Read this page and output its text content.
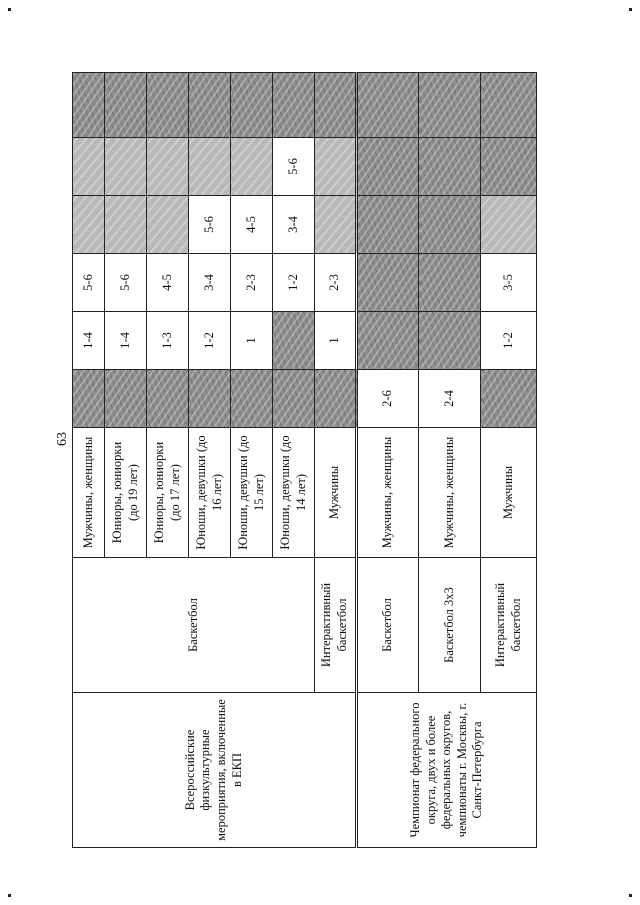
63
Всероссийские физкультурные мероприятия, включенные в ЕКП	Баскетбол	Мужчины, женщины		1-4	5-6			
		Юниоры, юниорки (до 19 лет)		1-4	5-6			
		Юниоры, юниорки (до 17 лет)		1-3	4-5			
		Юноши, девушки (до 16 лет)		1-2	3-4	5-6		
		Юноши, девушки (до 15 лет)		1	2-3	4-5		
		Юноши, девушки (до 14 лет)			1-2	3-4	5-6	
	Интерактивный баскетбол	Мужчины		1	2-3			
Чемпионат федерального округа, двух и более федеральных округов, чемпионаты г. Москвы, г. Санкт-Петербурга	Баскетбол	Мужчины, женщины	2-6					
	Баскетбол 3x3	Мужчины, женщины	2-4					
	Интерактивный баскетбол	Мужчины		1-2	3-5			
